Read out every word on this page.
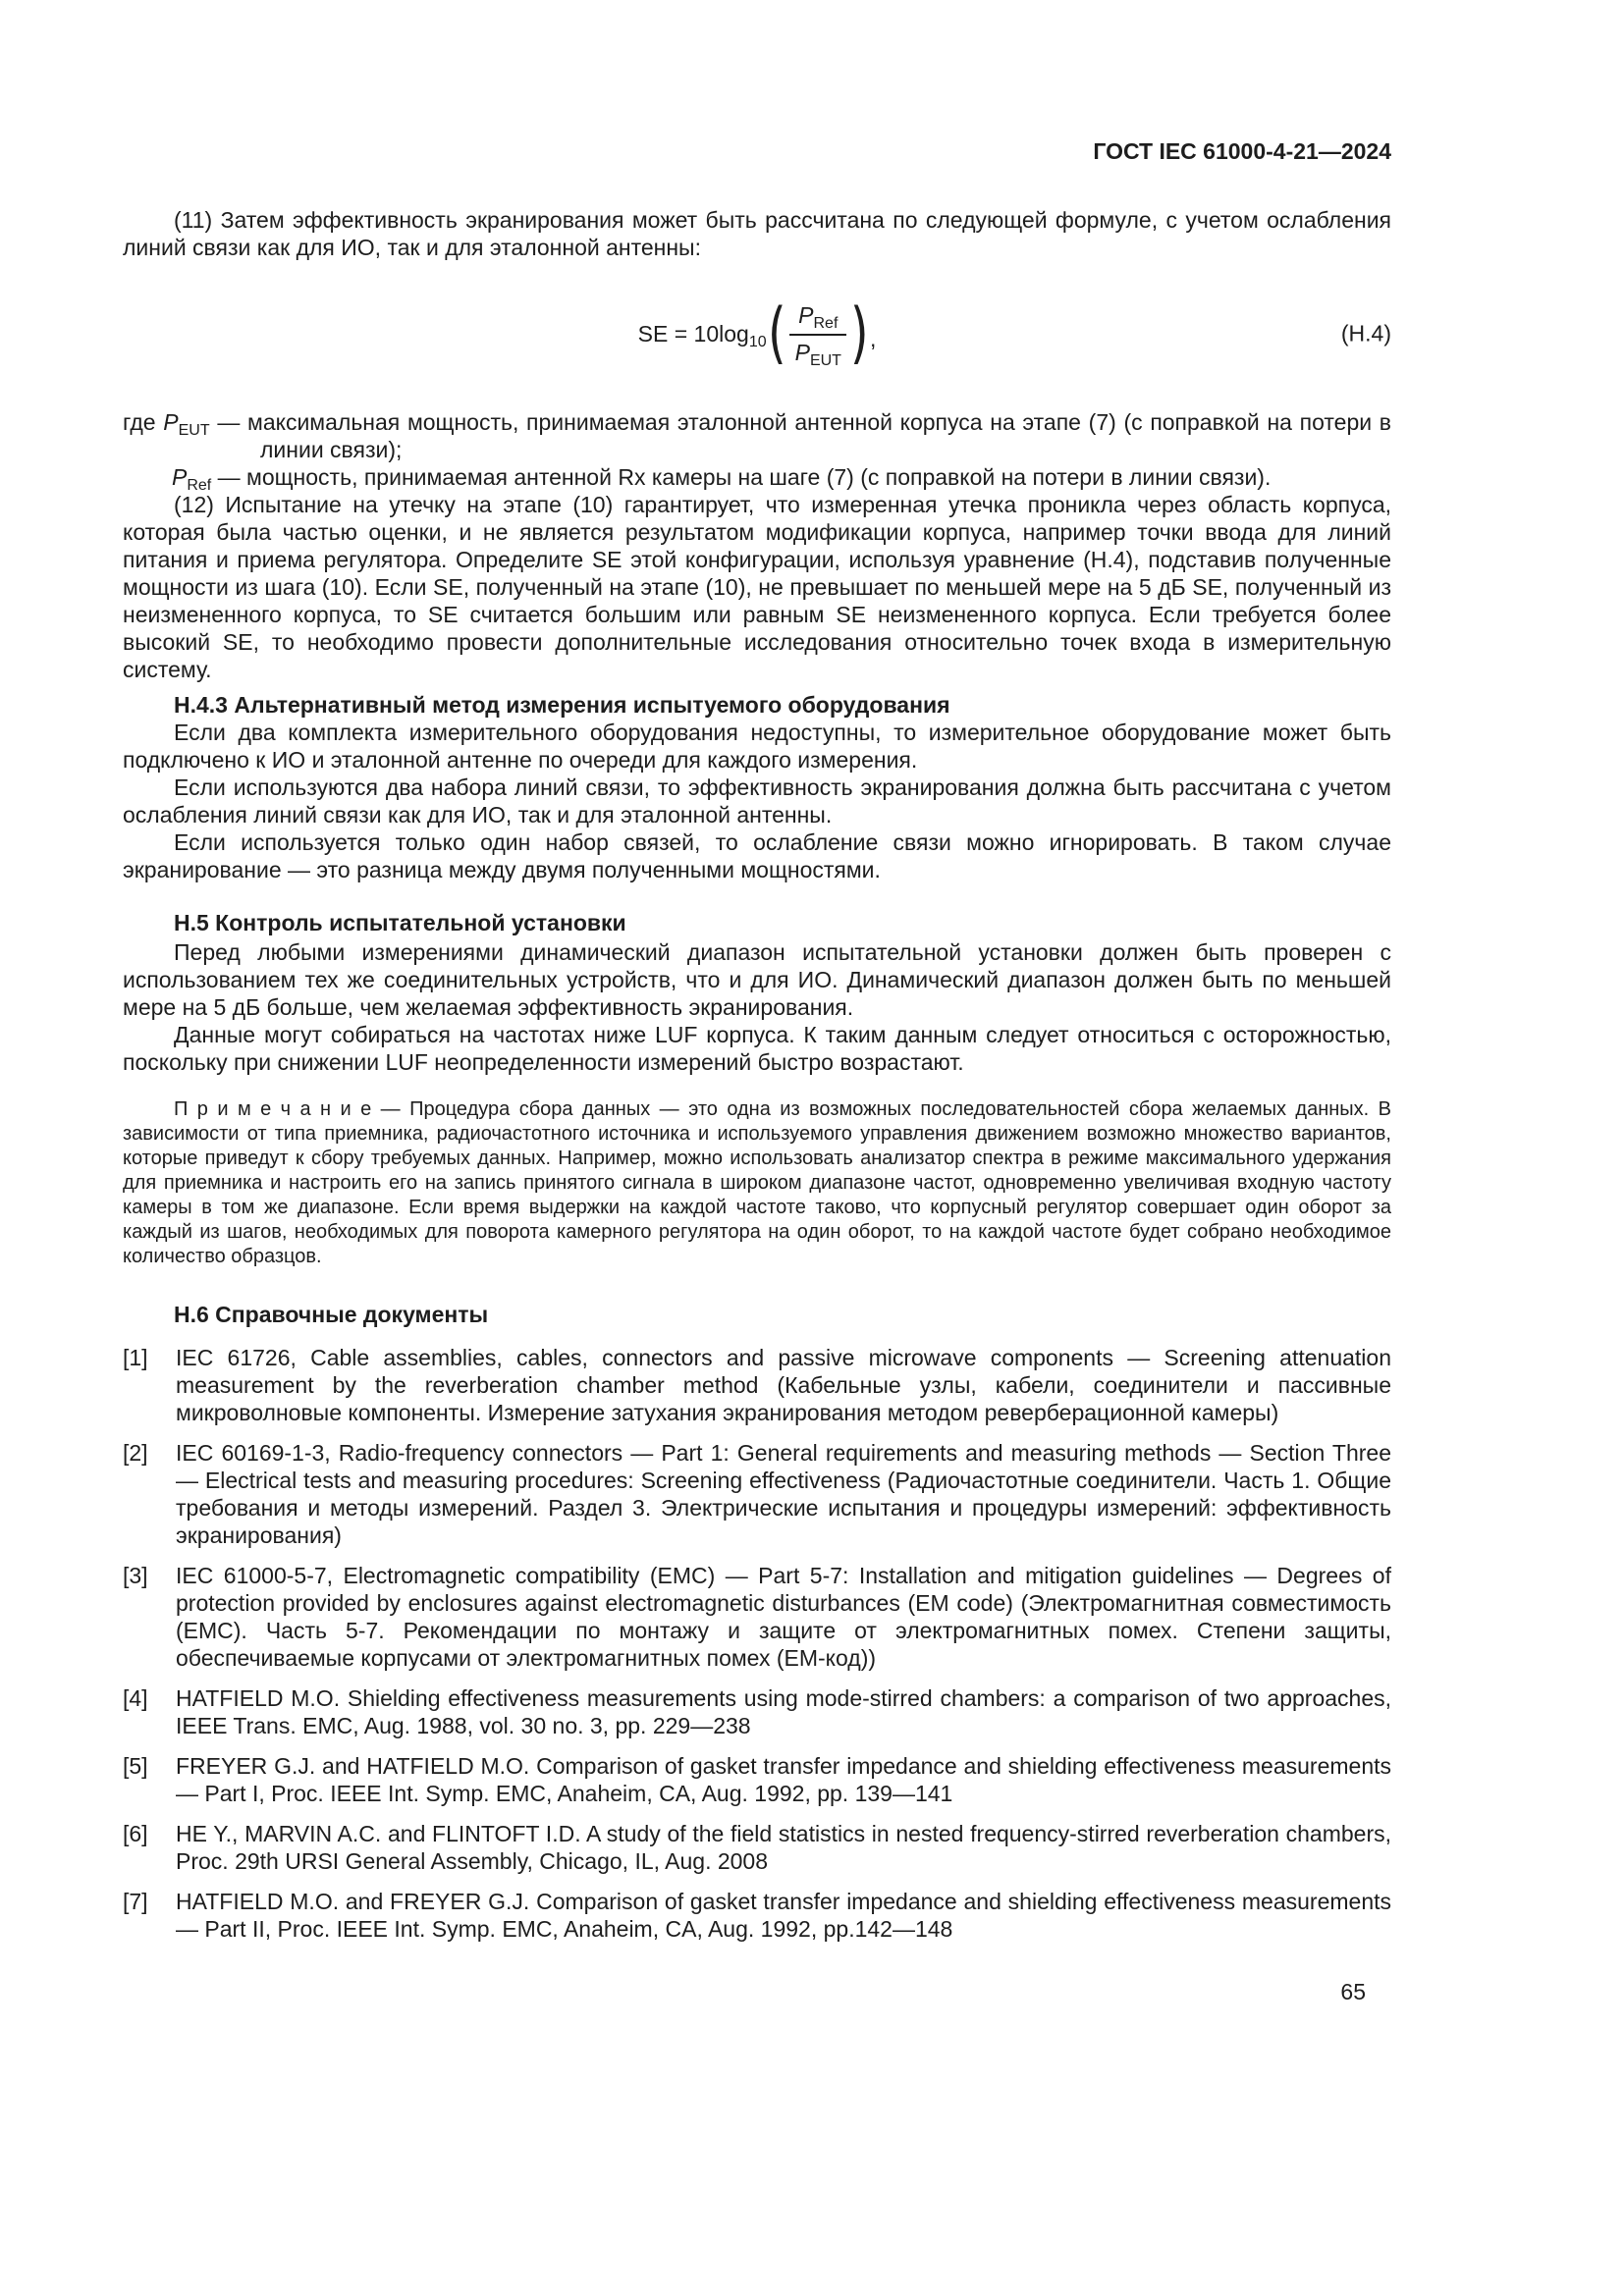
ГОСТ IEC 61000-4-21—2024

(11) Затем эффективность экранирования может быть рассчитана по следующей формуле, с учетом ослабления линий связи как для ИО, так и для эталонной антенны:

SE = $10\log_{10}$ ( $\frac{P_{Ref}}{P_{EUT}}$ ) ,	(Н.4)

где $P_{EUT}$ — максимальная мощность, принимаемая эталонной антенной корпуса на этапе (7) (с поправкой на потери в линии связи);

$P_{Ref}$ — мощность, принимаемая антенной Rx камеры на шаге (7) (с поправкой на потери в линии связи).

(12) Испытание на утечку на этапе (10) гарантирует, что измеренная утечка проникла через область корпуса, которая была частью оценки, и не является результатом модификации корпуса, например точки ввода для линий питания и приема регулятора. Определите SE этой конфигурации, используя уравнение (Н.4), подставив полученные мощности из шага (10). Если SE, полученный на этапе (10), не превышает по меньшей мере на 5 дБ SE, полученный из неизмененного корпуса, то SE считается большим или равным SE неизмененного корпуса. Если требуется более высокий SE, то необходимо провести дополнительные исследования относительно точек входа в измерительную систему.

Н.4.3 Альтернативный метод измерения испытуемого оборудования

Если два комплекта измерительного оборудования недоступны, то измерительное оборудование может быть подключено к ИО и эталонной антенне по очереди для каждого измерения.

Если используются два набора линий связи, то эффективность экранирования должна быть рассчитана с учетом ослабления линий связи как для ИО, так и для эталонной антенны.

Если используется только один набор связей, то ослабление связи можно игнорировать. В таком случае экранирование — это разница между двумя полученными мощностями.

Н.5 Контроль испытательной установки

Перед любыми измерениями динамический диапазон испытательной установки должен быть проверен с использованием тех же соединительных устройств, что и для ИО. Динамический диапазон должен быть по меньшей мере на 5 дБ больше, чем желаемая эффективность экранирования.

Данные могут собираться на частотах ниже LUF корпуса. К таким данным следует относиться с осторожностью, поскольку при снижении LUF неопределенности измерений быстро возрастают.

П р и м е ч а н и е — Процедура сбора данных — это одна из возможных последовательностей сбора желаемых данных. В зависимости от типа приемника, радиочастотного источника и используемого управления движением возможно множество вариантов, которые приведут к сбору требуемых данных. Например, можно использовать анализатор спектра в режиме максимального удержания для приемника и настроить его на запись принятого сигнала в широком диапазоне частот, одновременно увеличивая входную частоту камеры в том же диапазоне. Если время выдержки на каждой частоте таково, что корпусный регулятор совершает один оборот за каждый из шагов, необходимых для поворота камерного регулятора на один оборот, то на каждой частоте будет собрано необходимое количество образцов.

Н.6 Справочные документы

[1]	IEC 61726, Cable assemblies, cables, connectors and passive microwave components — Screening attenuation measurement by the reverberation chamber method (Кабельные узлы, кабели, соединители и пассивные микроволновые компоненты. Измерение затухания экранирования методом реверберационной камеры)
[2]	IEC 60169-1-3, Radio-frequency connectors — Part 1: General requirements and measuring methods — Section Three — Electrical tests and measuring procedures: Screening effectiveness (Радиочастотные соединители. Часть 1. Общие требования и методы измерений. Раздел 3. Электрические испытания и процедуры измерений: эффективность экранирования)
[3]	IEC 61000-5-7, Electromagnetic compatibility (EMC) — Part 5-7: Installation and mitigation guidelines — Degrees of protection provided by enclosures against electromagnetic disturbances (EM code) (Электромагнитная совместимость (EMC). Часть 5-7. Рекомендации по монтажу и защите от электромагнитных помех. Степени защиты, обеспечиваемые корпусами от электромагнитных помех (EM-код))
[4]	HATFIELD M.O. Shielding effectiveness measurements using mode-stirred chambers: a comparison of two approaches, IEEE Trans. EMC, Aug. 1988, vol. 30 no. 3, pp. 229—238
[5]	FREYER G.J. and HATFIELD M.O. Comparison of gasket transfer impedance and shielding effectiveness measurements — Part I, Proc. IEEE Int. Symp. EMC, Anaheim, CA, Aug. 1992, pp. 139—141
[6]	HE Y., MARVIN A.C. and FLINTOFT I.D. A study of the field statistics in nested frequency-stirred reverberation chambers, Proc. 29th URSI General Assembly, Chicago, IL, Aug. 2008
[7]	HATFIELD M.O. and FREYER G.J. Comparison of gasket transfer impedance and shielding effectiveness measurements — Part II, Proc. IEEE Int. Symp. EMC, Anaheim, CA, Aug. 1992, pp.142—148
65
